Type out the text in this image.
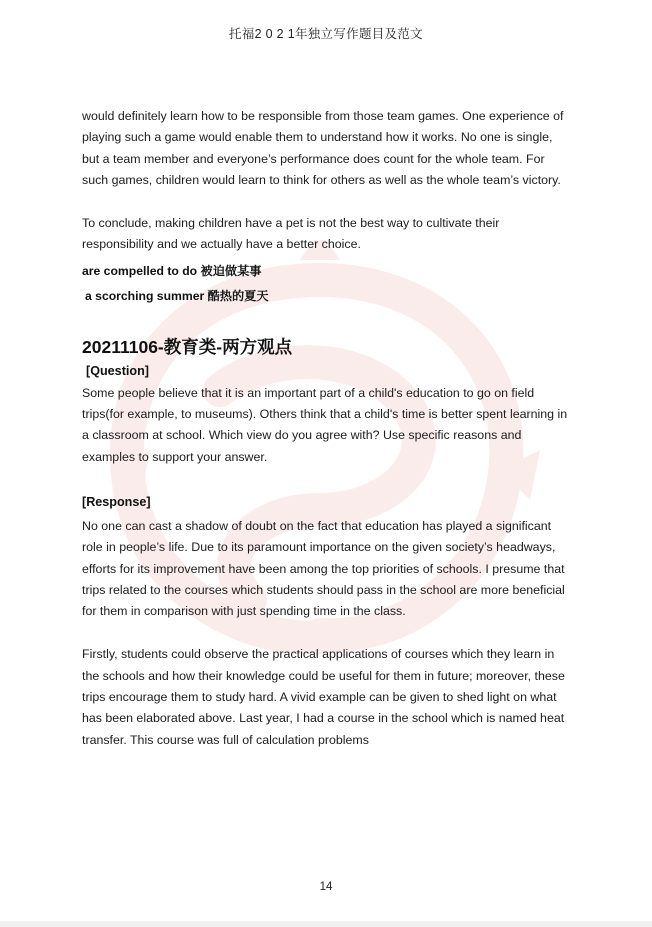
托福2 0 2 1年独立写作题目及范文

would definitely learn how to be responsible from those team games. One experience of playing such a game would enable them to understand how it works. No one is single, but a team member and everyone’s performance does count for the whole team. For such games, children would learn to think for others as well as the whole team’s victory.

To conclude, making children have a pet is not the best way to cultivate their responsibility and we actually have a better choice.

are compelled to do 被迫做某事

a scorching summer 酷热的夏天

20211106-教育类-两方观点

[Question]

Some people believe that it is an important part of a child's education to go on field trips(for example, to museums). Others think that a child's time is better spent learning in a classroom at school. Which view do you agree with? Use specific reasons and examples to support your answer.

[Response]

No one can cast a shadow of doubt on the fact that education has played a significant role in people’s life. Due to its paramount importance on the given society’s headways, efforts for its improvement have been among the top priorities of schools. I presume that trips related to the courses which students should pass in the school are more beneficial for them in comparison with just spending time in the class.

Firstly, students could observe the practical applications of courses which they learn in the schools and how their knowledge could be useful for them in future; moreover, these trips encourage them to study hard. A vivid example can be given to shed light on what has been elaborated above. Last year, I had a course in the school which is named heat transfer. This course was full of calculation problems

14
